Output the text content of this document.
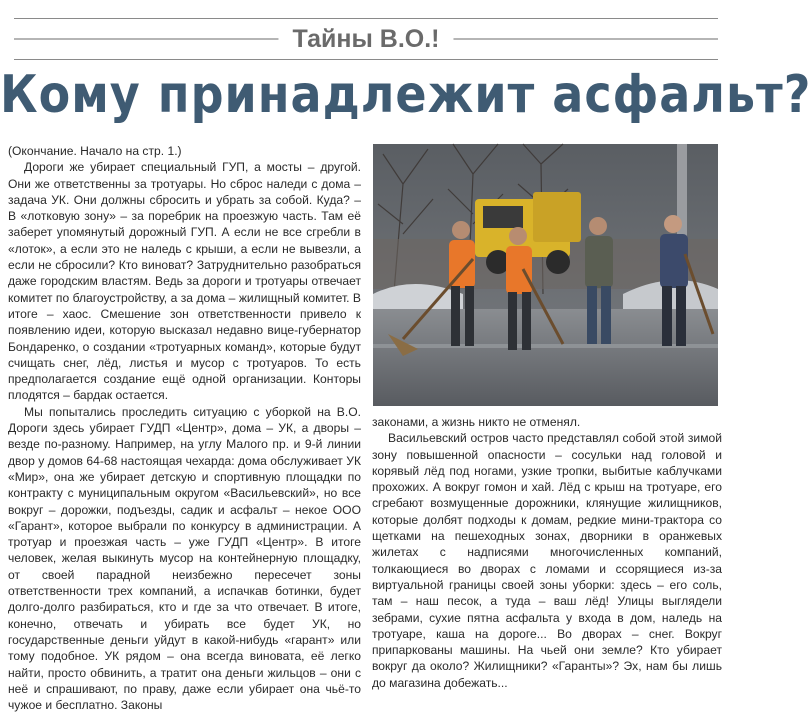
Тайны В.О.!
Кому принадлежит асфальт?

(Окончание. Начало на стр. 1.)

Дороги же убирает специальный ГУП, а мосты – другой. Они же ответственны за тротуары. Но сброс наледи с дома – задача УК. Они должны сбросить и убрать за собой. Куда? – В «лотковую зону» – за поребрик на проезжую часть. Там её заберет упомянутый дорожный ГУП. А если не все сгребли в «лоток», а если это не наледь с крыши, а если не вывезли, а если не сбросили? Кто виноват? Затруднительно разобраться даже городским властям. Ведь за дороги и тротуары отвечает комитет по благоустройству, а за дома – жилищный комитет. В итоге – хаос. Смешение зон ответственности привело к появлению идеи, которую высказал недавно вице-губернатор Бондаренко, о создании «тротуарных команд», которые будут счищать снег, лёд, листья и мусор с тротуаров. То есть предполагается создание ещё одной организации. Конторы плодятся – бардак остается.

Мы попытались проследить ситуацию с уборкой на В.О. Дороги здесь убирает ГУДП «Центр», дома – УК, а дворы – везде по-разному. Например, на углу Малого пр. и 9-й линии двор у домов 64-68 настоящая чехарда: дома обслуживает УК «Мир», она же убирает детскую и спортивную площадки по контракту с муниципальным округом «Васильевский», но все вокруг – дорожки, подъезды, садик и асфальт – некое ООО «Гарант», которое выбрали по конкурсу в администрации. А тротуар и проезжая часть – уже ГУДП «Центр». В итоге человек, желая выкинуть мусор на контейнерную площадку, от своей парадной неизбежно пересечет зоны ответственности трех компаний, а испачкав ботинки, будет долго-долго разбираться, кто и где за что отвечает. В итоге, конечно, отвечать и убирать все будет УК, но государственные деньги уйдут в какой-нибудь «гарант» или тому подобное. УК рядом – она всегда виновата, её легко найти, просто обвинить, а тратит она деньги жильцов – они с неё и спрашивают, по праву, даже если убирает она чьё-то чужое и бесплатно. Законы

законами, а жизнь никто не отменял.

Васильевский остров часто представлял собой этой зимой зону повышенной опасности – сосульки над головой и корявый лёд под ногами, узкие тропки, выбитые каблучками прохожих. А вокруг гомон и хай. Лёд с крыш на тротуаре, его сгребают возмущенные дорожники, клянущие жилищников, которые долбят подходы к домам, редкие мини-трактора со щетками на пешеходных зонах, дворники в оранжевых жилетах с надписями многочисленных компаний, толкающиеся во дворах с ломами и ссорящиеся из-за виртуальной границы своей зоны уборки: здесь – его соль, там – наш песок, а туда – ваш лёд! Улицы выглядели зебрами, сухие пятна асфальта у входа в дом, наледь на тротуаре, каша на дороге... Во дворах – снег. Вокруг припаркованы машины. На чьей они земле? Кто убирает вокруг да около? Жилищники? «Гаранты»? Эх, нам бы лишь до магазина добежать...
